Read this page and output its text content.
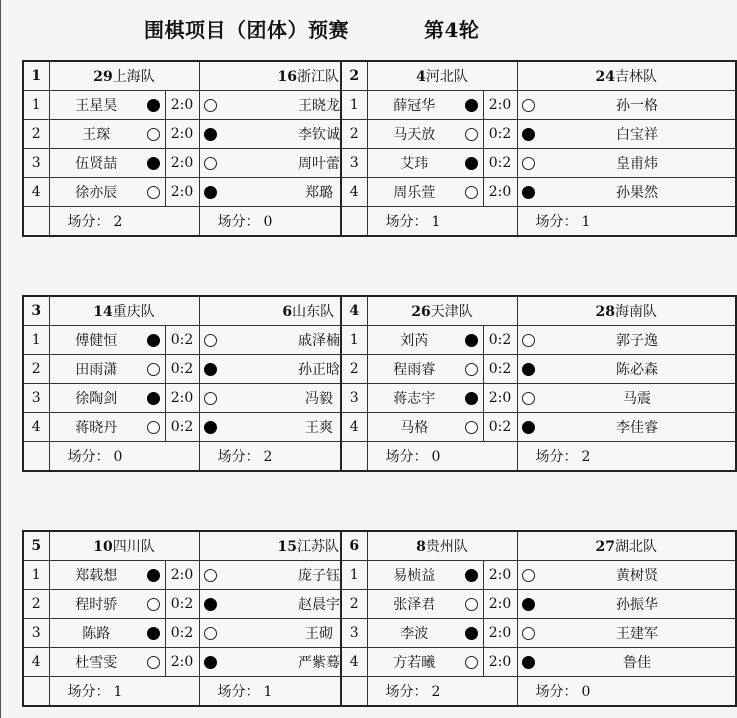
围棋项目（团体）预赛	第4轮
1	29上海队			16浙江队	
1	王星昊		2:0		王晓龙
2	王琛		2:0		李钦诚
3	伍贤喆		2:0		周叶蕾
4	徐亦辰		2:0		郑璐
	场分： 2			场分： 0	
2	4河北队			24吉林队	
1	薛冠华		2:0		孙一格
2	马天放		0:2		白宝祥
3	艾玮		0:2		皇甫炜
4	周乐萱		2:0		孙果然
	场分： 1			场分： 1	
3	14重庆队			6山东队	
1	傅健恒		0:2		戚泽楠
2	田雨潇		0:2		孙正晗
3	徐陶剑		2:0		冯毅
4	蒋晓丹		0:2		王爽
	场分： 0			场分： 2	
4	26天津队			28海南队	
1	刘芮		0:2		郭子逸
2	程雨睿		0:2		陈必森
3	蒋志宇		2:0		马震
4	马格		0:2		李佳睿
	场分： 0			场分： 2	
5	10四川队			15江苏队	
1	郑载想		2:0		庞子钰
2	程时骄		0:2		赵晨宇
3	陈路		0:2		王砌
4	杜雪雯		2:0		严紫蓦
	场分： 1			场分： 1	
6	8贵州队			27湖北队	
1	易桢益		2:0		黄树贤
2	张泽君		2:0		孙振华
3	李波		2:0		王建军
4	方若曦		2:0		鲁佳
	场分： 2			场分： 0	
